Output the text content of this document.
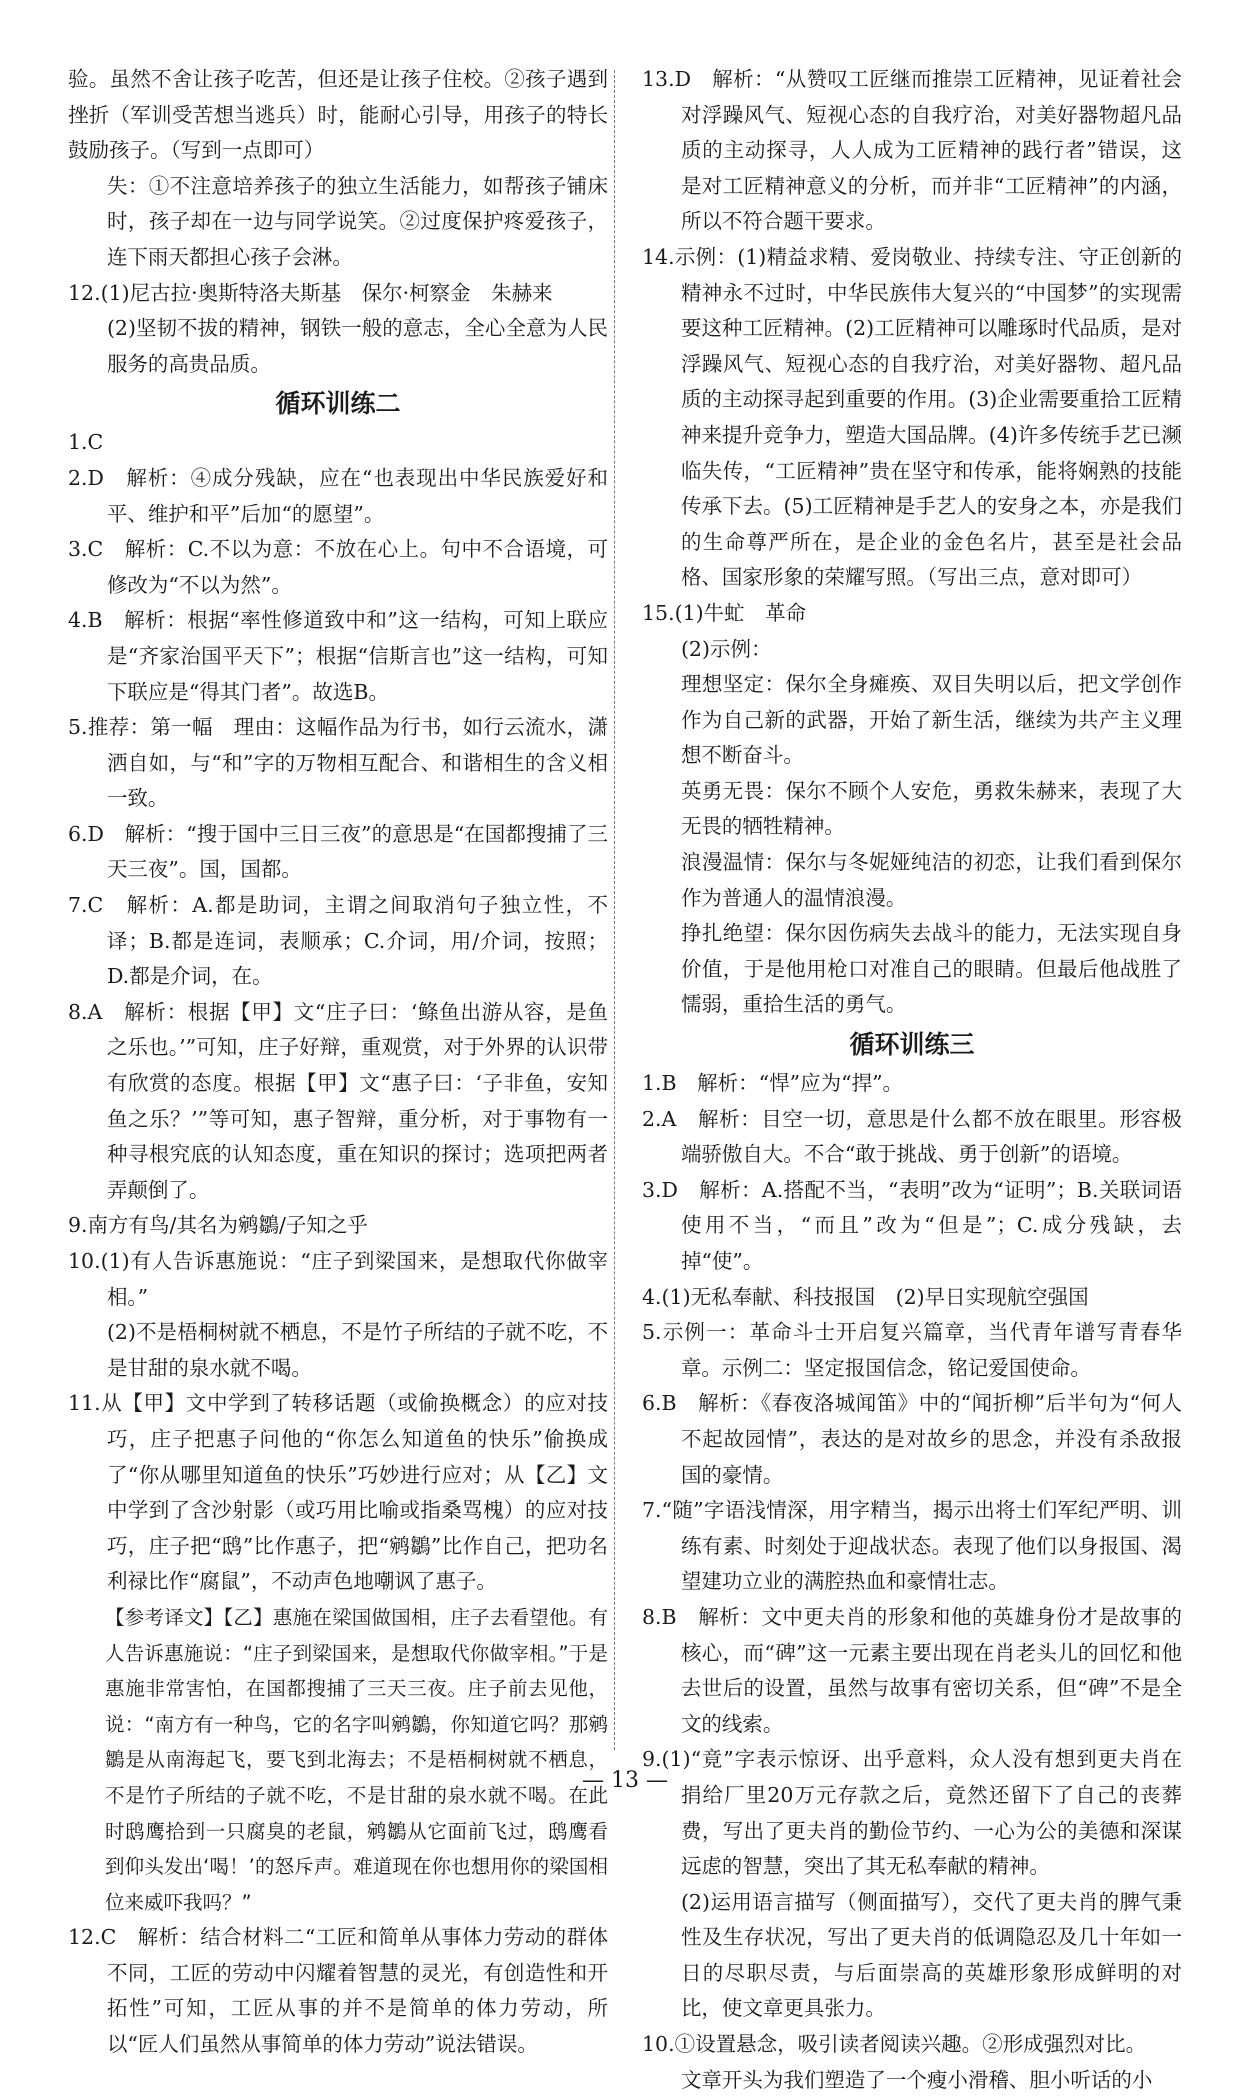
验。虽然不舍让孩子吃苦，但还是让孩子住校。②孩子遇到挫折（军训受苦想当逃兵）时，能耐心引导，用孩子的特长鼓励孩子。（写到一点即可）
失：①不注意培养孩子的独立生活能力，如帮孩子铺床时，孩子却在一边与同学说笑。②过度保护疼爱孩子，连下雨天都担心孩子会淋。
12.(1)尼古拉·奥斯特洛夫斯基　保尔·柯察金　朱赫来
(2)坚韧不拔的精神，钢铁一般的意志，全心全意为人民服务的高贵品质。
循环训练二
1.C
2.D　解析：④成分残缺，应在“也表现出中华民族爱好和平、维护和平”后加“的愿望”。
3.C　解析：C.不以为意：不放在心上。句中不合语境，可修改为“不以为然”。
4.B　解析：根据“率性修道致中和”这一结构，可知上联应是“齐家治国平天下”；根据“信斯言也”这一结构，可知下联应是“得其门者”。故选B。
5.推荐：第一幅　理由：这幅作品为行书，如行云流水，潇洒自如，与“和”字的万物相互配合、和谐相生的含义相一致。
6.D　解析：“搜于国中三日三夜”的意思是“在国都搜捕了三天三夜”。国，国都。
7.C　解析：A.都是助词，主谓之间取消句子独立性，不译；B.都是连词，表顺承；C.介词，用/介词，按照；D.都是介词，在。
8.A　解析：根据【甲】文“庄子曰：‘鲦鱼出游从容，是鱼之乐也。’”可知，庄子好辩，重观赏，对于外界的认识带有欣赏的态度。根据【甲】文“惠子曰：‘子非鱼，安知鱼之乐？’”等可知，惠子智辩，重分析，对于事物有一种寻根究底的认知态度，重在知识的探讨；选项把两者弄颠倒了。
9.南方有鸟/其名为鹓鶵/子知之乎
10.(1)有人告诉惠施说：“庄子到梁国来，是想取代你做宰相。”
(2)不是梧桐树就不栖息，不是竹子所结的子就不吃，不是甘甜的泉水就不喝。
11.从【甲】文中学到了转移话题（或偷换概念）的应对技巧，庄子把惠子问他的“你怎么知道鱼的快乐”偷换成了“你从哪里知道鱼的快乐”巧妙进行应对；从【乙】文中学到了含沙射影（或巧用比喻或指桑骂槐）的应对技巧，庄子把“鸱”比作惠子，把“鹓鶵”比作自己，把功名利禄比作“腐鼠”，不动声色地嘲讽了惠子。
【参考译文】【乙】惠施在梁国做国相，庄子去看望他。有人告诉惠施说：“庄子到梁国来，是想取代你做宰相。”于是惠施非常害怕，在国都搜捕了三天三夜。庄子前去见他，说：“南方有一种鸟，它的名字叫鹓鶵，你知道它吗？那鹓鶵是从南海起飞，要飞到北海去；不是梧桐树就不栖息，不是竹子所结的子就不吃，不是甘甜的泉水就不喝。在此时鸱鹰拾到一只腐臭的老鼠，鹓鶵从它面前飞过，鸱鹰看到仰头发出‘喝！’的怒斥声。难道现在你也想用你的梁国相位来威吓我吗？”
12.C　解析：结合材料二“工匠和简单从事体力劳动的群体不同，工匠的劳动中闪耀着智慧的灵光，有创造性和开拓性”可知，工匠从事的并不是简单的体力劳动，所以“匠人们虽然从事简单的体力劳动”说法错误。
13.D　解析：“从赞叹工匠继而推崇工匠精神，见证着社会对浮躁风气、短视心态的自我疗治，对美好器物超凡品质的主动探寻，人人成为工匠精神的践行者”错误，这是对工匠精神意义的分析，而并非“工匠精神”的内涵，所以不符合题干要求。
14.示例：(1)精益求精、爱岗敬业、持续专注、守正创新的精神永不过时，中华民族伟大复兴的“中国梦”的实现需要这种工匠精神。(2)工匠精神可以雕琢时代品质，是对浮躁风气、短视心态的自我疗治，对美好器物、超凡品质的主动探寻起到重要的作用。(3)企业需要重拾工匠精神来提升竞争力，塑造大国品牌。(4)许多传统手艺已濒临失传，“工匠精神”贵在坚守和传承，能将娴熟的技能传承下去。(5)工匠精神是手艺人的安身之本，亦是我们的生命尊严所在，是企业的金色名片，甚至是社会品格、国家形象的荣耀写照。（写出三点，意对即可）
15.(1)牛虻　革命
(2)示例：
理想坚定：保尔全身瘫痪、双目失明以后，把文学创作作为自己新的武器，开始了新生活，继续为共产主义理想不断奋斗。
英勇无畏：保尔不顾个人安危，勇救朱赫来，表现了大无畏的牺牲精神。
浪漫温情：保尔与冬妮娅纯洁的初恋，让我们看到保尔作为普通人的温情浪漫。
挣扎绝望：保尔因伤病失去战斗的能力，无法实现自身价值，于是他用枪口对准自己的眼睛。但最后他战胜了懦弱，重拾生活的勇气。
循环训练三
1.B　解析：“悍”应为“捍”。
2.A　解析：目空一切，意思是什么都不放在眼里。形容极端骄傲自大。不合“敢于挑战、勇于创新”的语境。
3.D　解析：A.搭配不当，“表明”改为“证明”；B.关联词语使用不当，“而且”改为“但是”；C.成分残缺，去掉“使”。
4.(1)无私奉献、科技报国　(2)早日实现航空强国
5.示例一：革命斗士开启复兴篇章，当代青年谱写青春华章。示例二：坚定报国信念，铭记爱国使命。
6.B　解析：《春夜洛城闻笛》中的“闻折柳”后半句为“何人不起故园情”，表达的是对故乡的思念，并没有杀敌报国的豪情。
7.“随”字语浅情深，用字精当，揭示出将士们军纪严明、训练有素、时刻处于迎战状态。表现了他们以身报国、渴望建功立业的满腔热血和豪情壮志。
8.B　解析：文中更夫肖的形象和他的英雄身份才是故事的核心，而“碑”这一元素主要出现在肖老头儿的回忆和他去世后的设置，虽然与故事有密切关系，但“碑”不是全文的线索。
9.(1)“竟”字表示惊讶、出乎意料，众人没有想到更夫肖在捐给厂里20万元存款之后，竟然还留下了自己的丧葬费，写出了更夫肖的勤俭节约、一心为公的美德和深谋远虑的智慧，突出了其无私奉献的精神。
(2)运用语言描写（侧面描写），交代了更夫肖的脾气秉性及生存状况，写出了更夫肖的低调隐忍及几十年如一日的尽职尽责，与后面崇高的英雄形象形成鲜明的对比，使文章更具张力。
10.①设置悬念，吸引读者阅读兴趣。②形成强烈对比。
文章开头为我们塑造了一个瘦小滑稽、胆小听话的小
— 13 —
